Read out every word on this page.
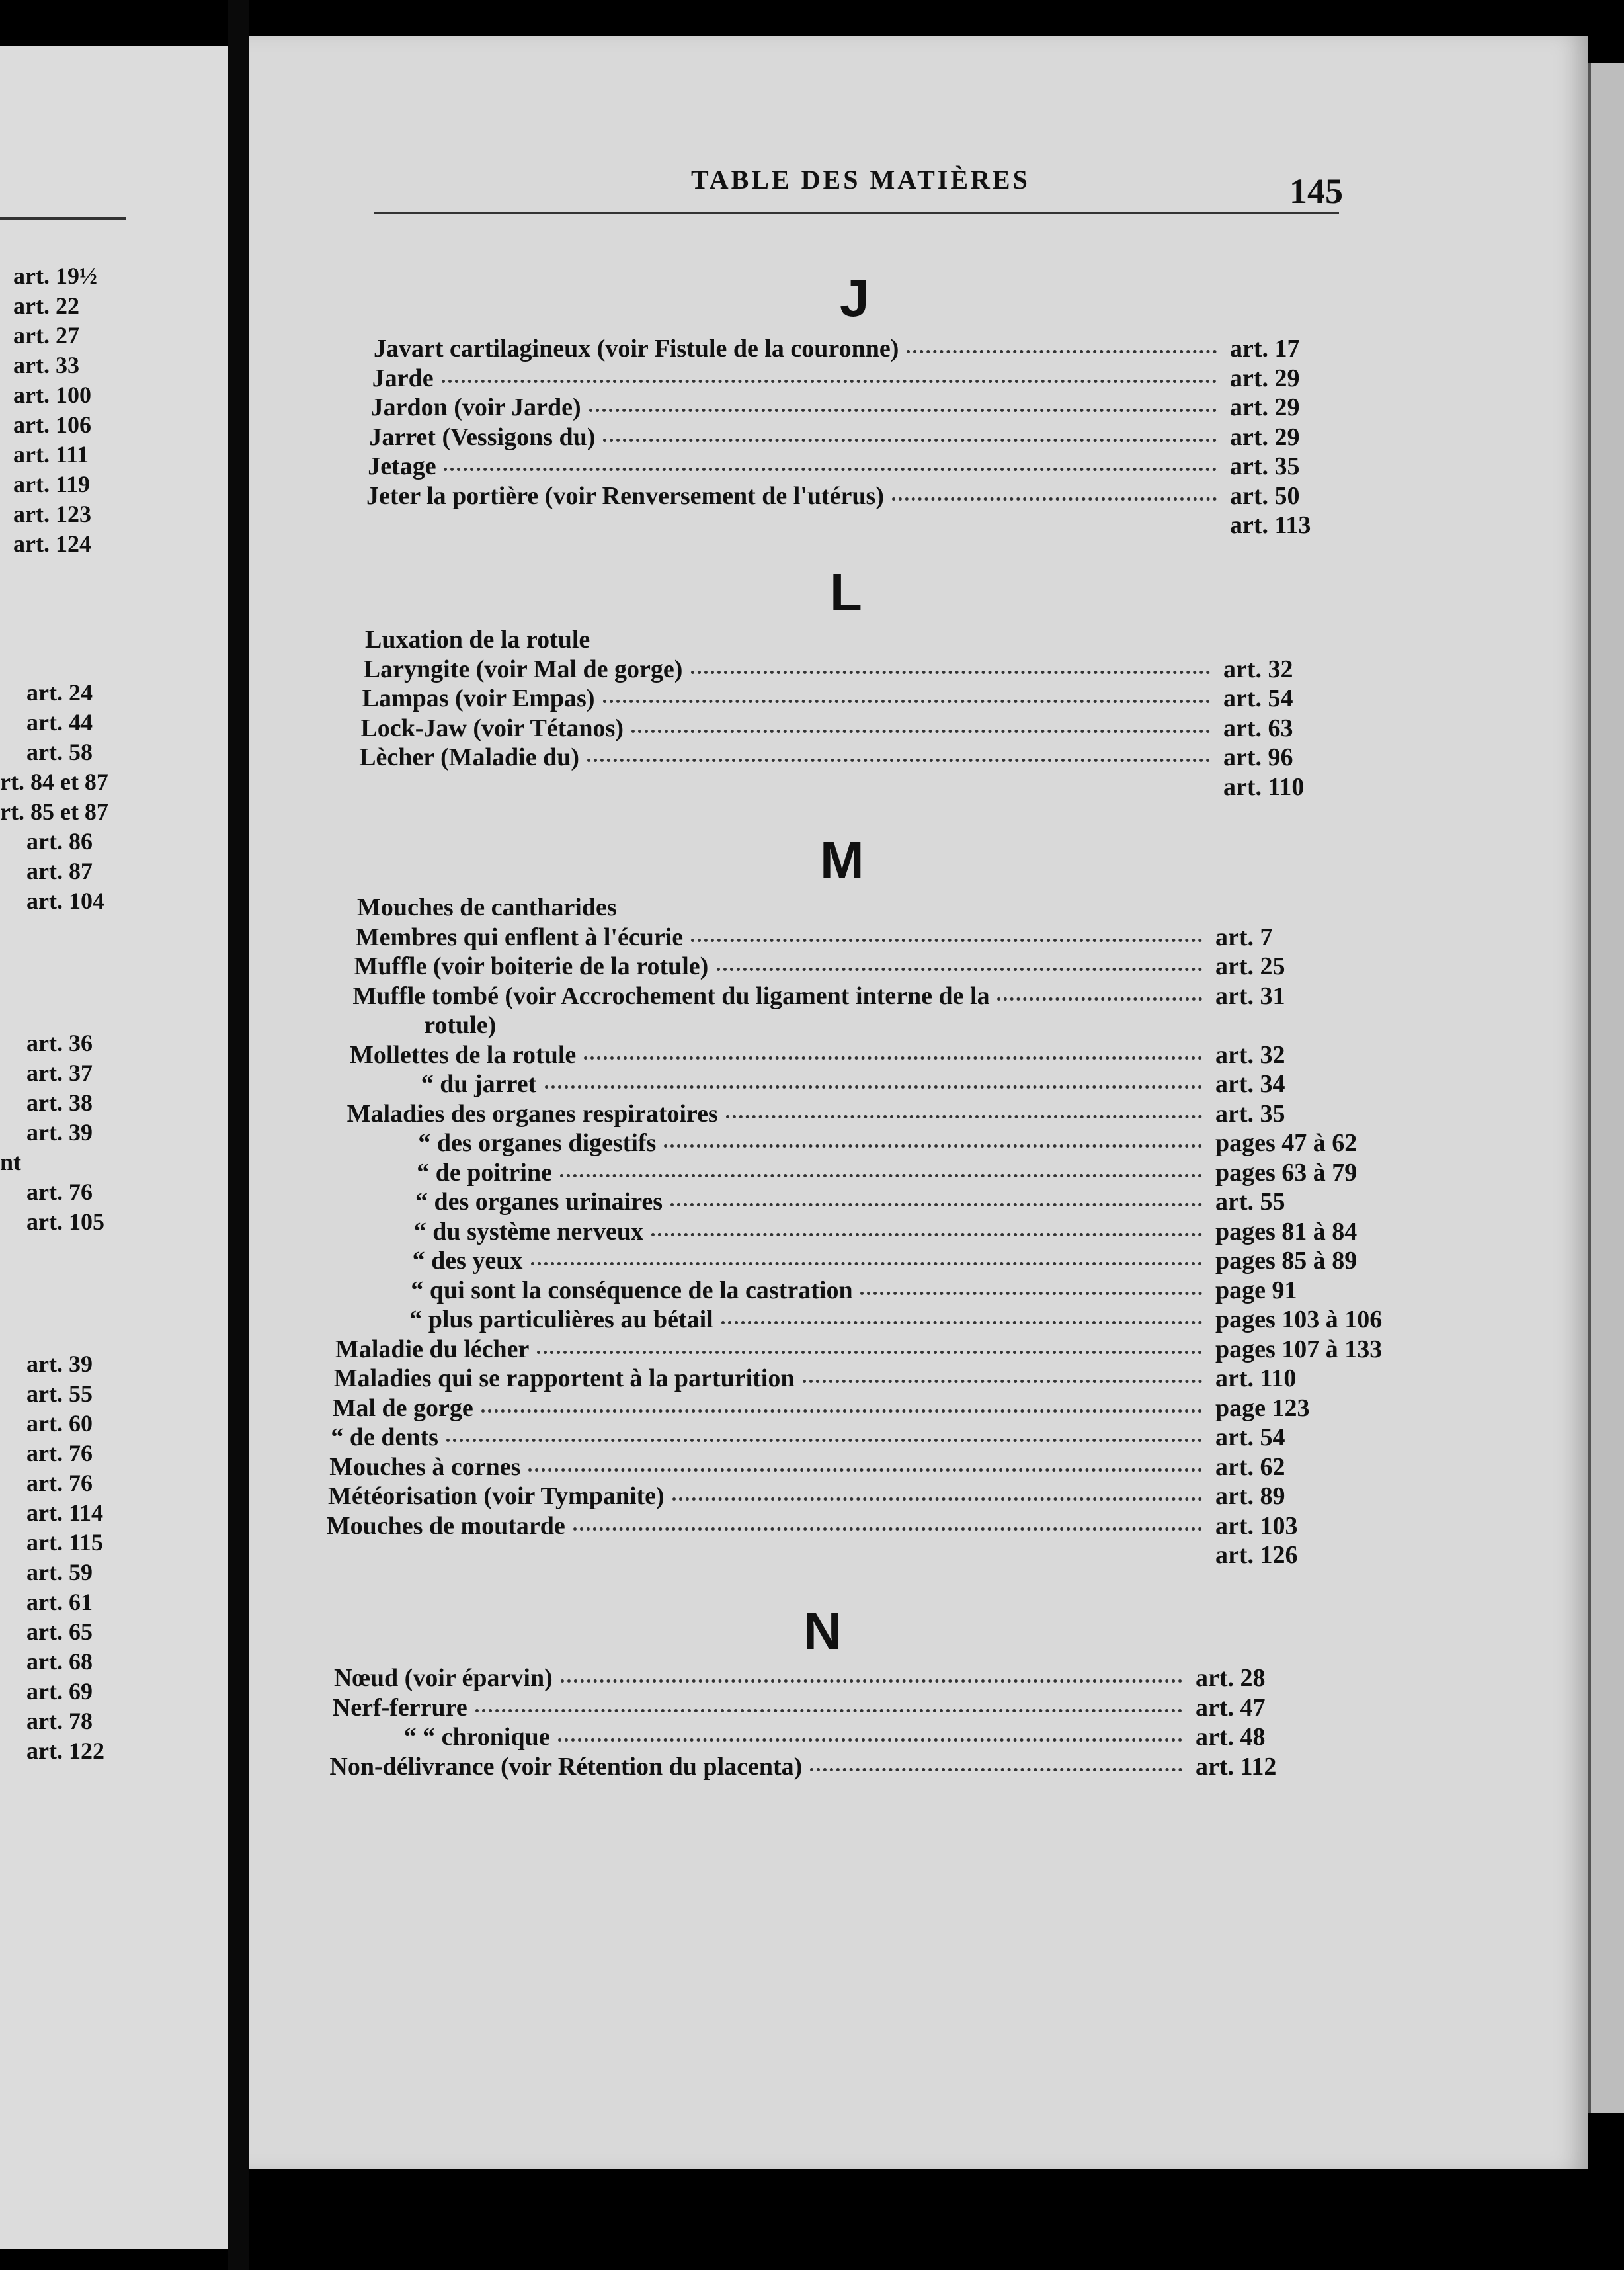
art. 19½
art. 22
art. 27
art. 33
art. 100
art. 106
art. 111
art. 119
art. 123
art. 124
art. 24
art. 44
art. 58
rt. 84 et 87
rt. 85 et 87
art. 86
art. 87
art. 104
art. 36
art. 37
art. 38
art. 39
nt
art. 76
art. 105
art. 39
art. 55
art. 60
art. 76
art. 76
art. 114
art. 115
art. 59
art. 61
art. 65
art. 68
art. 69
art. 78
art. 122
TABLE DES MATIÈRES	145
J
Javart cartilagineux (voir Fistule de la couronne)	art. 17
Jarde	art. 29
Jardon (voir Jarde)	art. 29
Jarret (Vessigons du)	art. 29
Jetage	art. 35
Jeter la portière (voir Renversement de l'utérus)	art. 50
art. 113
L
Luxation de la rotule
Laryngite (voir Mal de gorge)	art. 32
Lampas (voir Empas)	art. 54
Lock-Jaw (voir Tétanos)	art. 63
Lècher (Maladie du)	art. 96
art. 110
M
Mouches de cantharides
Membres qui enflent à l'écurie	art. 7
Muffle (voir boiterie de la rotule)	art. 25
Muffle tombé (voir Accrochement du ligament interne de la	art. 31
rotule)
Mollettes de la rotule	art. 32
“ du jarret	art. 34
Maladies des organes respiratoires	art. 35
“ des organes digestifs	pages 47 à 62
“ de poitrine	pages 63 à 79
“ des organes urinaires	art. 55
“ du système nerveux	pages 81 à 84
“ des yeux	pages 85 à 89
“ qui sont la conséquence de la castration	page 91
“ plus particulières au bétail	pages 103 à 106
Maladie du lécher	pages 107 à 133
Maladies qui se rapportent à la parturition	art. 110
Mal de gorge	page 123
“ de dents	art. 54
Mouches à cornes	art. 62
Météorisation (voir Tympanite)	art. 89
Mouches de moutarde	art. 103
art. 126
N
Nœud (voir éparvin)	art. 28
Nerf-ferrure	art. 47
“ “ chronique	art. 48
Non-délivrance (voir Rétention du placenta)	art. 112
